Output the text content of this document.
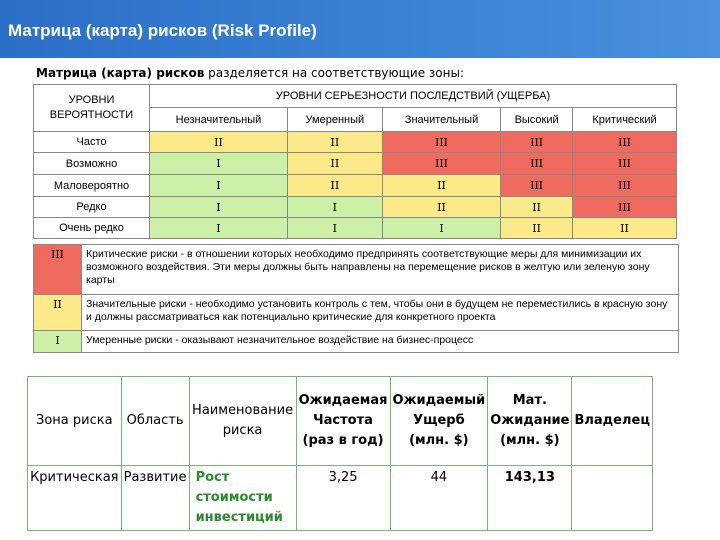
Матрица (карта) рисков (Risk Profile)
Матрица (карта) рисков разделяется на соответствующие зоны:
УРОВНИ ВЕРОЯТНОСТИ	УРОВНИ СЕРЬЕЗНОСТИ ПОСЛЕДСТВИЙ (УЩЕРБА)				
	Незначительный	Умеренный	Значительный	Высокий	Критический
Часто	II	II	III	III	III
Возможно	I	II	III	III	III
Маловероятно	I	II	II	III	III
Редко	I	I	II	II	III
Очень редко	I	I	I	II	II
III	Критические риски - в отношении которых необходимо предпринять соответствующие меры для минимизации их возможного воздействия. Эти меры должны быть направлены на перемещение рисков в желтую или зеленую зону карты
II	Значительные риски - необходимо установить контроль с тем, чтобы они в будущем не переместились в красную зону и должны рассматриваться как потенциально критические для конкретного проекта
I	Умеренные риски - оказывают незначительное воздействие на бизнес-процесс
Зона риска	Область	Наименование риска	Ожидаемая Частота (раз в год)	Ожидаемый Ущерб (млн. $)	Мат. Ожидание (млн. $)	Владелец
Критическая	Развитие	Рост стоимости инвестиций	3,25	44	143,13	
